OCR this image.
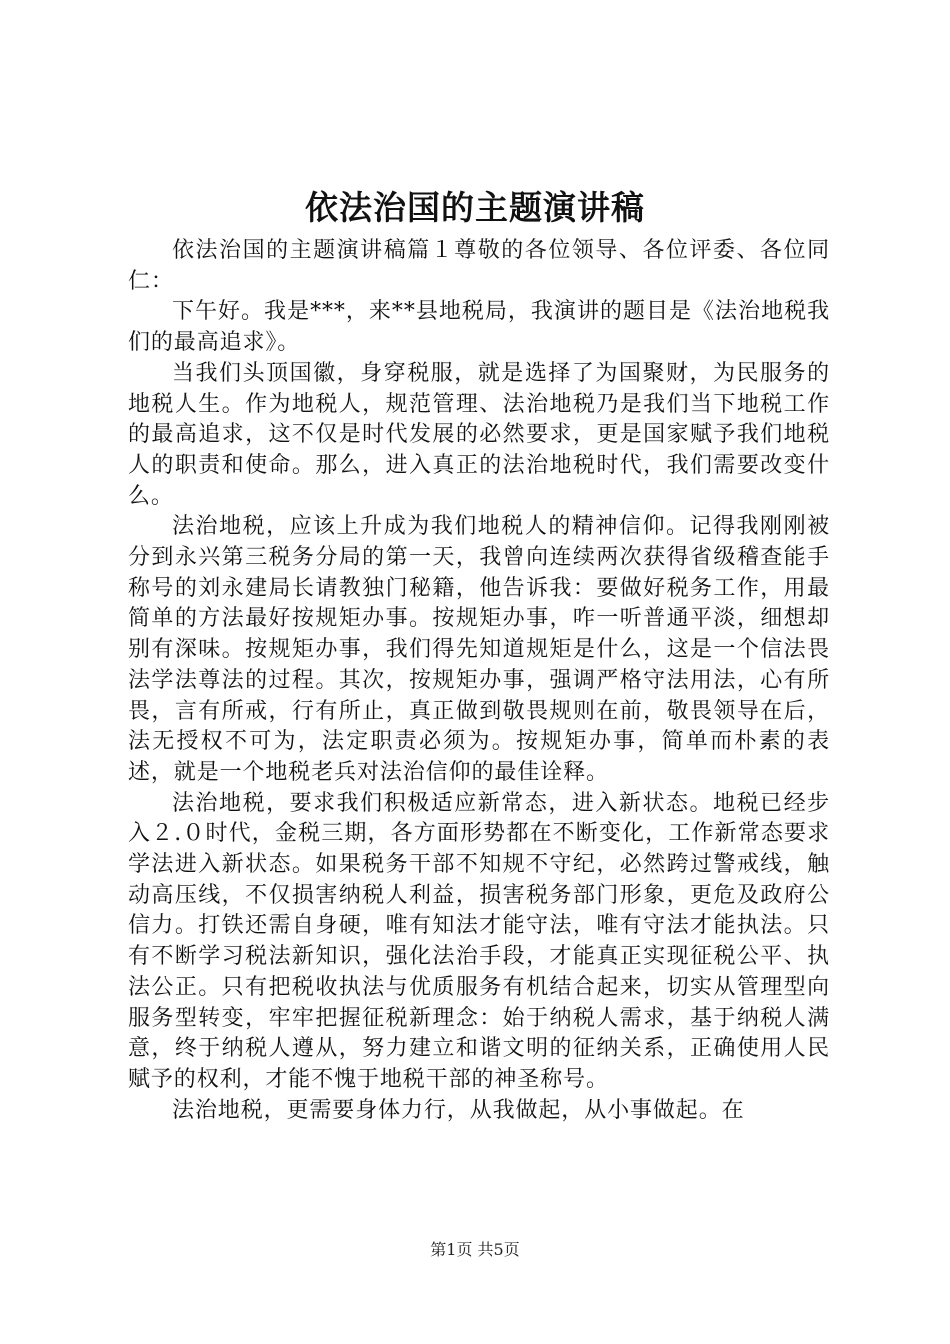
依法治国的主题演讲稿

依法治国的主题演讲稿篇１尊敬的各位领导、各位评委、各位同仁：

下午好。我是***，来**县地税局，我演讲的题目是《法治地税我们的最高追求》。

当我们头顶国徽，身穿税服，就是选择了为国聚财，为民服务的地税人生。作为地税人，规范管理、法治地税乃是我们当下地税工作的最高追求，这不仅是时代发展的必然要求，更是国家赋予我们地税人的职责和使命。那么，进入真正的法治地税时代，我们需要改变什么。

法治地税，应该上升成为我们地税人的精神信仰。记得我刚刚被分到永兴第三税务分局的第一天，我曾向连续两次获得省级稽查能手称号的刘永建局长请教独门秘籍，他告诉我：要做好税务工作，用最简单的方法最好按规矩办事。按规矩办事，咋一听普通平淡，细想却别有深味。按规矩办事，我们得先知道规矩是什么，这是一个信法畏法学法尊法的过程。其次，按规矩办事，强调严格守法用法，心有所畏，言有所戒，行有所止，真正做到敬畏规则在前，敬畏领导在后，法无授权不可为，法定职责必须为。按规矩办事，简单而朴素的表述，就是一个地税老兵对法治信仰的最佳诠释。

法治地税，要求我们积极适应新常态，进入新状态。地税已经步入２.０时代，金税三期，各方面形势都在不断变化，工作新常态要求学法进入新状态。如果税务干部不知规不守纪，必然跨过警戒线，触动高压线，不仅损害纳税人利益，损害税务部门形象，更危及政府公信力。打铁还需自身硬，唯有知法才能守法，唯有守法才能执法。只有不断学习税法新知识，强化法治手段，才能真正实现征税公平、执法公正。只有把税收执法与优质服务有机结合起来，切实从管理型向服务型转变，牢牢把握征税新理念：始于纳税人需求，基于纳税人满意，终于纳税人遵从，努力建立和谐文明的征纳关系，正确使用人民赋予的权利，才能不愧于地税干部的神圣称号。

法治地税，更需要身体力行，从我做起，从小事做起。在

第1页 共5页
